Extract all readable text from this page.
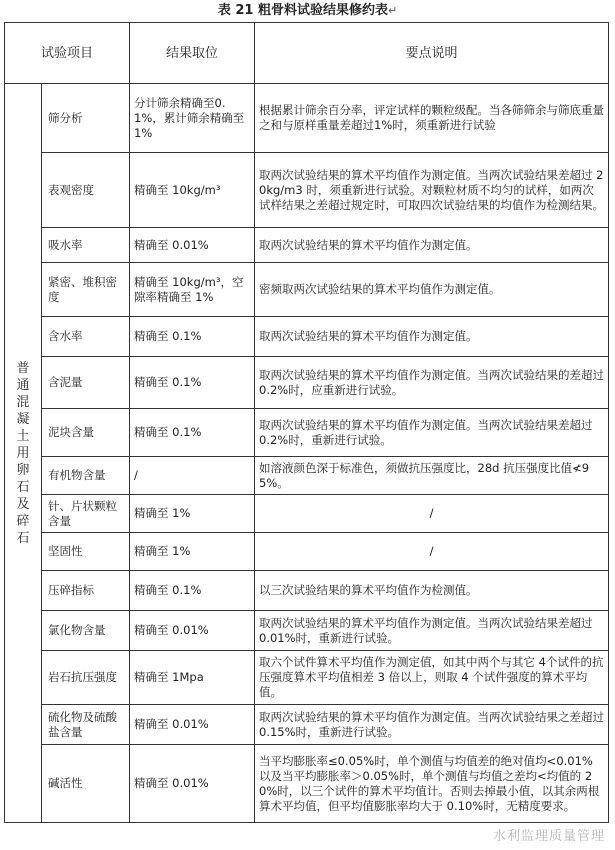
表 21 粗骨料试验结果修约表↵
试验项目		结果取位	要点说明

普通混凝土用卵石及碎石	筛分析	分计筛余精确至0.1%，累计筛余精确至1%	根据累计筛余百分率，评定试样的颗粒级配。当各筛筛余与筛底重量之和与原样重量差超过1%时，须重新进行试验
	表观密度	精确至 10kg/m³	取两次试验结果的算术平均值作为测定值。当两次试验结果差超过 20kg/m3 时，须重新进行试验。对颗粒材质不均匀的试样，如两次试样结果之差超过规定时，可取四次试验结果的均值作为检测结果。
	吸水率	精确至 0.01%	取两次试验结果的算术平均值作为测定值。
	紧密、堆积密度	精确至 10kg/m³，空隙率精确至 1%	密频取两次试验结果的算术平均值作为测定值。
	含水率	精确至 0.1%	取两次试验结果的算术平均值作为测定值。
	含泥量	精确至 0.1%	取两次试验结果的算术平均值作为测定值。当两次试验结果的差超过 0.2%时，应重新进行试验。
	泥块含量	精确至 0.1%	取两次试验结果的算术平均值作为测定值。当两次试验结果差超过 0.2%时，重新进行试验。
	有机物含量	/	如溶液颜色深于标准色，须做抗压强度比，28d 抗压强度比值≮95%。
	针、片状颗粒含量	精确至 1%	/
	坚固性	精确至 1%	/
	压碎指标	精确至 0.1%	以三次试验结果的算术平均值作为检测值。
	氯化物含量	精确至 0.01%	取两次试验结果的算术平均值作为测定值。当两次试验结果差超过 0.01%时，重新进行试验。
	岩石抗压强度	精确至 1Mpa	取六个试件算术平均值作为测定值，如其中两个与其它 4个试件的抗压强度算术平均值相差 3 倍以上，则取 4 个试件强度的算术平均值。
	硫化物及硫酸盐含量	精确至 0.01%	取两次试验结果的算术平均值作为测定值。当两次试验结果之差超过 0.15%时，重新进行试验。
	碱活性	精确至 0.01%	当平均膨胀率≤0.05%时，单个测值与均值差的绝对值均<0.01%以及当平均膨胀率＞0.05%时，单个测值与均值之差均<均值的 20%时，以三个试件的算术平均值计。否则去掉最小值，以其余两根算术平均值，但平均值膨胀率均大于 0.10%时，无精度要求。
水利监理质量管理
